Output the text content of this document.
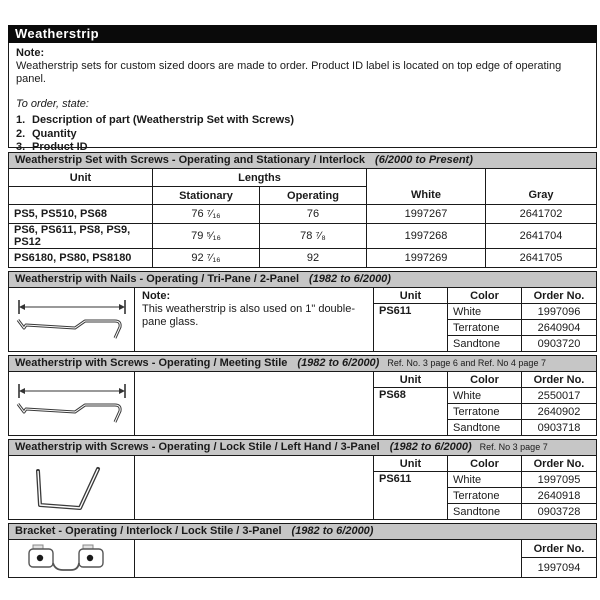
Weatherstrip
Note:
Weatherstrip sets for custom sized doors are made to order. Product ID label is located on top edge of operating panel.
To order, state:
1. Description of part (Weatherstrip Set with Screws)
2. Quantity
3. Product ID
Weatherstrip Set with Screws - Operating and Stationary / Interlock (6/2000 to Present)
Unit	Lengths		White	Gray
	Stationary	Operating		
PS5, PS510, PS68	76 ⁷⁄₁₆	76	1997267	2641702
PS6, PS611, PS8, PS9, PS12	79 ⁵⁄₁₆	78 ⁷⁄₈	1997268	2641704
PS6180, PS80, PS8180	92 ⁷⁄₁₆	92	1997269	2641705
Weatherstrip with Nails - Operating / Tri-Pane / 2-Panel (1982 to 6/2000)

Note:
This weatherstrip is also used on 1" double-pane glass.	Unit	Color	Order No.
		PS611	White	1997096
			Terratone	2640904
			Sandtone	0903720
Weatherstrip with Screws - Operating / Meeting Stile (1982 to 6/2000) Ref. No. 3 page 6 and Ref. No 4 page 7
		Unit	Color	Order No.
		PS68	White	2550017
			Terratone	2640902
			Sandtone	0903718
Weatherstrip with Screws - Operating / Lock Stile / Left Hand / 3-Panel (1982 to 6/2000) Ref. No 3 page 7
		Unit	Color	Order No.
		PS611	White	1997095
			Terratone	2640918
			Sandtone	0903728
Bracket - Operating / Interlock / Lock Stile / 3-Panel (1982 to 6/2000)
		Order No.
1997094
